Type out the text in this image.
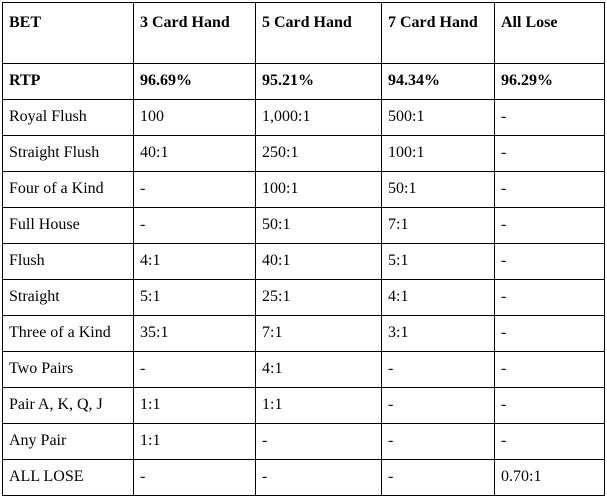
BET	3 Card Hand	5 Card Hand	7 Card Hand	All Lose
RTP	96.69%	95.21%	94.34%	96.29%
Royal Flush	100	1,000:1	500:1	-
Straight Flush	40:1	250:1	100:1	-
Four of a Kind	-	100:1	50:1	-
Full House	-	50:1	7:1	-
Flush	4:1	40:1	5:1	-
Straight	5:1	25:1	4:1	-
Three of a Kind	35:1	7:1	3:1	-
Two Pairs	-	4:1	-	-
Pair A, K, Q, J	1:1	1:1	-	-
Any Pair	1:1	-	-	-
ALL LOSE	-	-	-	0.70:1
